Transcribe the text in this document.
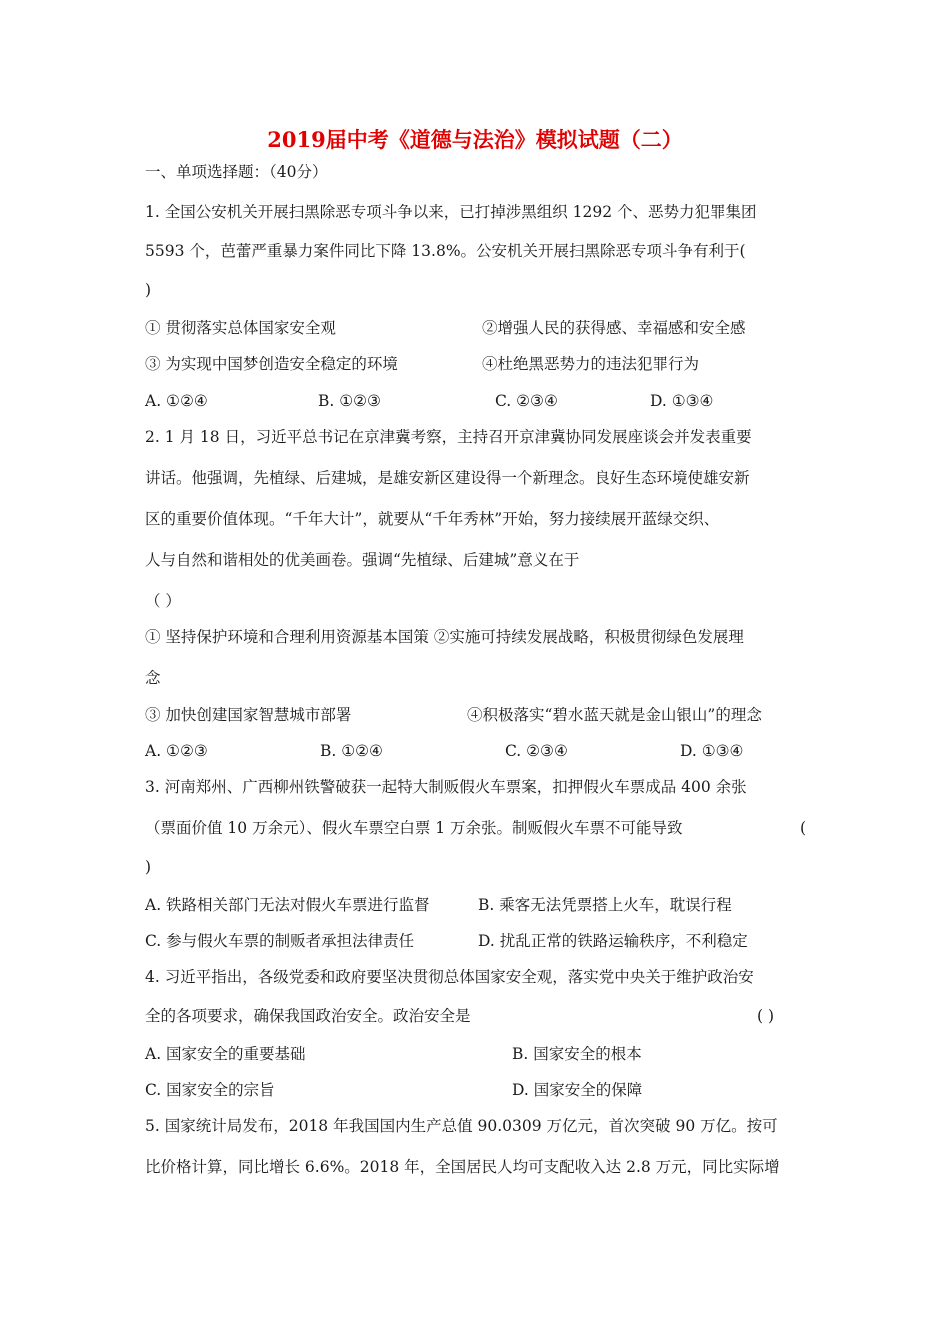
2019届中考《道德与法治》模拟试题（二）
一、单项选择题：（40分）
1. 全国公安机关开展扫黑除恶专项斗争以来，已打掉涉黑组织 1292 个、恶势力犯罪集团
5593 个，芭蕾严重暴力案件同比下降 13.8%。公安机关开展扫黑除恶专项斗争有利于(
)
① 贯彻落实总体国家安全观	②增强人民的获得感、幸福感和安全感
③ 为实现中国梦创造安全稳定的环境	④杜绝黑恶势力的违法犯罪行为
A. ①②④	B. ①②③	C. ②③④	D. ①③④
2. 1 月 18 日，习近平总书记在京津冀考察，主持召开京津冀协同发展座谈会并发表重要
讲话。他强调，先植绿、后建城，是雄安新区建设得一个新理念。良好生态环境使雄安新
区的重要价值体现。“千年大计”，就要从“千年秀林”开始，努力接续展开蓝绿交织、
人与自然和谐相处的优美画卷。强调“先植绿、后建城”意义在于
（ ）
① 坚持保护环境和合理利用资源基本国策 ②实施可持续发展战略，积极贯彻绿色发展理
念
③ 加快创建国家智慧城市部署	④积极落实“碧水蓝天就是金山银山”的理念
A. ①②③	B. ①②④	C. ②③④	D. ①③④
3. 河南郑州、广西柳州铁警破获一起特大制贩假火车票案，扣押假火车票成品 400 余张
（票面价值 10 万余元）、假火车票空白票 1 万余张。制贩假火车票不可能导致	(
)
A. 铁路相关部门无法对假火车票进行监督	B. 乘客无法凭票搭上火车，耽误行程
C. 参与假火车票的制贩者承担法律责任	D. 扰乱正常的铁路运输秩序，不利稳定
4. 习近平指出，各级党委和政府要坚决贯彻总体国家安全观，落实党中央关于维护政治安
全的各项要求，确保我国政治安全。政治安全是	( )
A. 国家安全的重要基础	B. 国家安全的根本
C. 国家安全的宗旨	D. 国家安全的保障
5. 国家统计局发布，2018 年我国国内生产总值 90.0309 万亿元，首次突破 90 万亿。按可
比价格计算，同比增长 6.6%。2018 年，全国居民人均可支配收入达 2.8 万元，同比实际增
